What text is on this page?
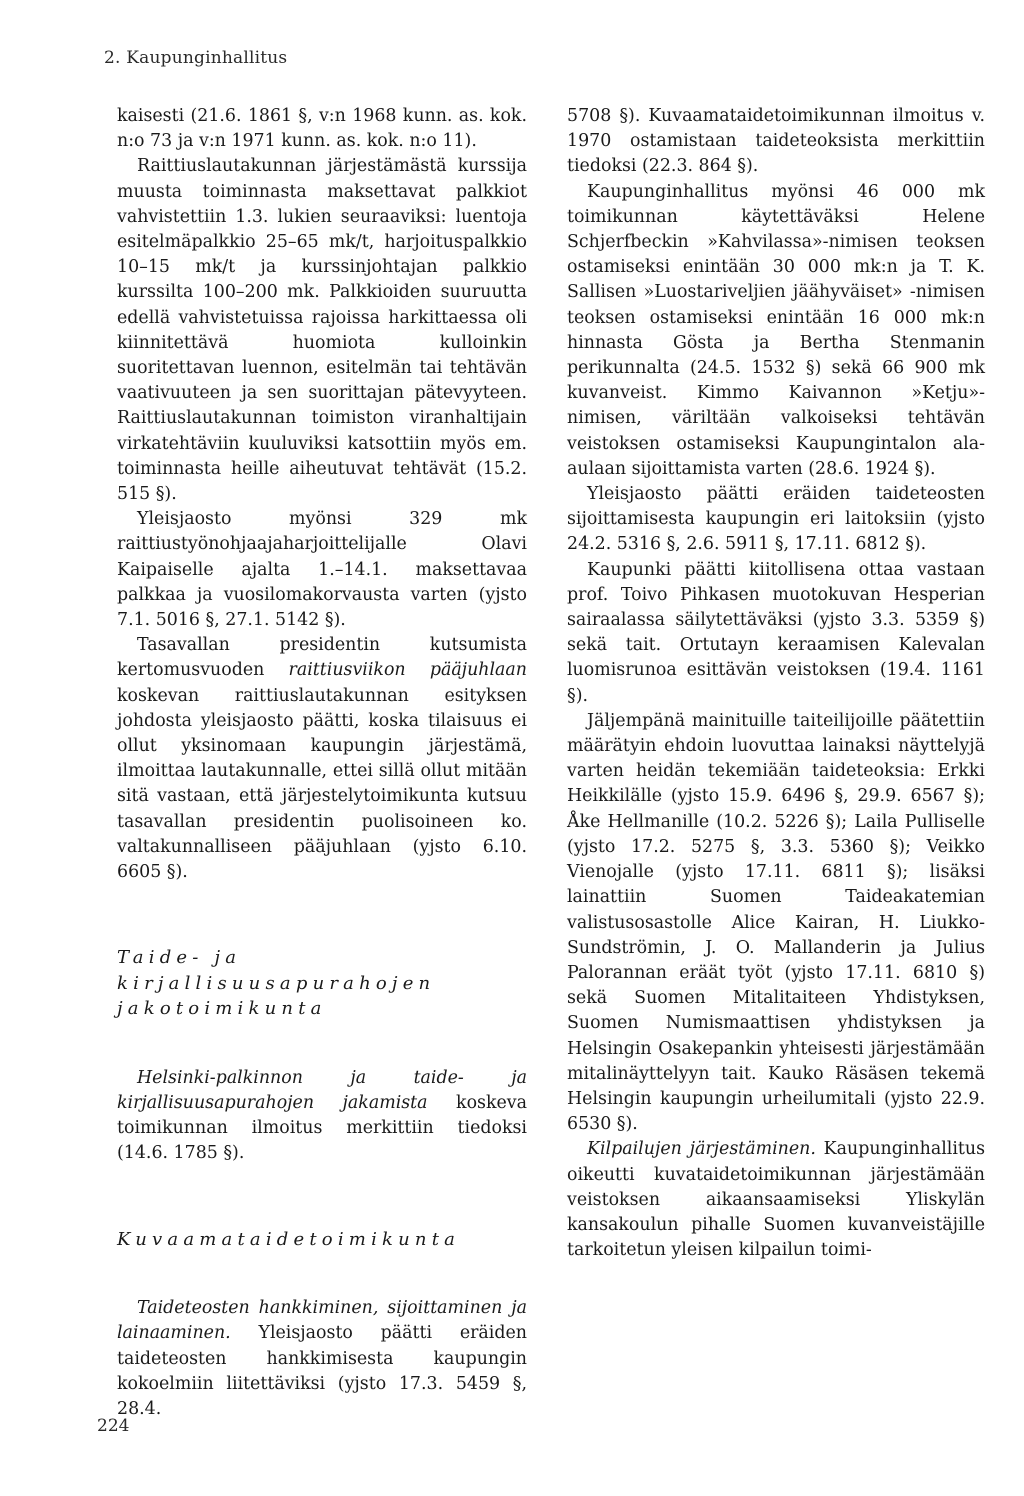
2. Kaupunginhallitus

kaisesti (21.6. 1861 §, v:n 1968 kunn. as. kok. n:o 73 ja v:n 1971 kunn. as. kok. n:o 11).

Raittiuslautakunnan järjestämästä kurssija muusta toiminnasta maksettavat palkkiot vahvistettiin 1.3. lukien seuraaviksi: luentoja esitelmäpalkkio 25–65 mk/t, harjoituspalkkio 10–15 mk/t ja kurssinjohtajan palkkio kurssilta 100–200 mk. Palkkioiden suuruutta edellä vahvistetuissa rajoissa harkittaessa oli kiinnitettävä huomiota kulloinkin suoritettavan luennon, esitelmän tai tehtävän vaativuuteen ja sen suorittajan pätevyyteen. Raittiuslautakunnan toimiston viranhaltijain virkatehtäviin kuuluviksi katsottiin myös em. toiminnasta heille aiheutuvat tehtävät (15.2. 515 §).

Yleisjaosto myönsi 329 mk raittiustyönohjaajaharjoittelijalle Olavi Kaipaiselle ajalta 1.–14.1. maksettavaa palkkaa ja vuosilomakorvausta varten (yjsto 7.1. 5016 §, 27.1. 5142 §).

Tasavallan presidentin kutsumista kertomusvuoden raittiusviikon pääjuhlaan koskevan raittiuslautakunnan esityksen johdosta yleisjaosto päätti, koska tilaisuus ei ollut yksinomaan kaupungin järjestämä, ilmoittaa lautakunnalle, ettei sillä ollut mitään sitä vastaan, että järjestelytoimikunta kutsuu tasavallan presidentin puolisoineen ko. valtakunnalliseen pääjuhlaan (yjsto 6.10. 6605 §).

Taide- ja kirjallisuusapurahojen jakotoimikunta

Helsinki-palkinnon ja taide- ja kirjallisuusapurahojen jakamista koskeva toimikunnan ilmoitus merkittiin tiedoksi (14.6. 1785 §).

Kuvaamataidetoimikunta

Taideteosten hankkiminen, sijoittaminen ja lainaaminen. Yleisjaosto päätti eräiden taideteosten hankkimisesta kaupungin kokoelmiin liitettäviksi (yjsto 17.3. 5459 §, 28.4.

5708 §). Kuvaamataidetoimikunnan ilmoitus v. 1970 ostamistaan taideteoksista merkittiin tiedoksi (22.3. 864 §).

Kaupunginhallitus myönsi 46 000 mk toimikunnan käytettäväksi Helene Schjerfbeckin »Kahvilassa»-nimisen teoksen ostamiseksi enintään 30 000 mk:n ja T. K. Sallisen »Luostariveljien jäähyväiset» -nimisen teoksen ostamiseksi enintään 16 000 mk:n hinnasta Gösta ja Bertha Stenmanin perikunnalta (24.5. 1532 §) sekä 66 900 mk kuvanveist. Kimmo Kaivannon »Ketju»-nimisen, väriltään valkoiseksi tehtävän veistoksen ostamiseksi Kaupungintalon ala-aulaan sijoittamista varten (28.6. 1924 §).

Yleisjaosto päätti eräiden taideteosten sijoittamisesta kaupungin eri laitoksiin (yjsto 24.2. 5316 §, 2.6. 5911 §, 17.11. 6812 §).

Kaupunki päätti kiitollisena ottaa vastaan prof. Toivo Pihkasen muotokuvan Hesperian sairaalassa säilytettäväksi (yjsto 3.3. 5359 §) sekä tait. Ortutayn keraamisen Kalevalan luomisrunoa esittävän veistoksen (19.4. 1161 §).

Jäljempänä mainituille taiteilijoille päätettiin määrätyin ehdoin luovuttaa lainaksi näyttelyjä varten heidän tekemiään taideteoksia: Erkki Heikkilälle (yjsto 15.9. 6496 §, 29.9. 6567 §); Åke Hellmanille (10.2. 5226 §); Laila Pulliselle (yjsto 17.2. 5275 §, 3.3. 5360 §); Veikko Vienojalle (yjsto 17.11. 6811 §); lisäksi lainattiin Suomen Taideakatemian valistusosastolle Alice Kairan, H. Liukko-Sundströmin, J. O. Mallanderin ja Julius Palorannan eräät työt (yjsto 17.11. 6810 §) sekä Suomen Mitalitaiteen Yhdistyksen, Suomen Numismaattisen yhdistyksen ja Helsingin Osakepankin yhteisesti järjestämään mitalinäyttelyyn tait. Kauko Räsäsen tekemä Helsingin kaupungin urheilumitali (yjsto 22.9. 6530 §).

Kilpailujen järjestäminen. Kaupunginhallitus oikeutti kuvataidetoimikunnan järjestämään veistoksen aikaansaamiseksi Yliskylän kansakoulun pihalle Suomen kuvanveistäjille tarkoitetun yleisen kilpailun toimi-

224
